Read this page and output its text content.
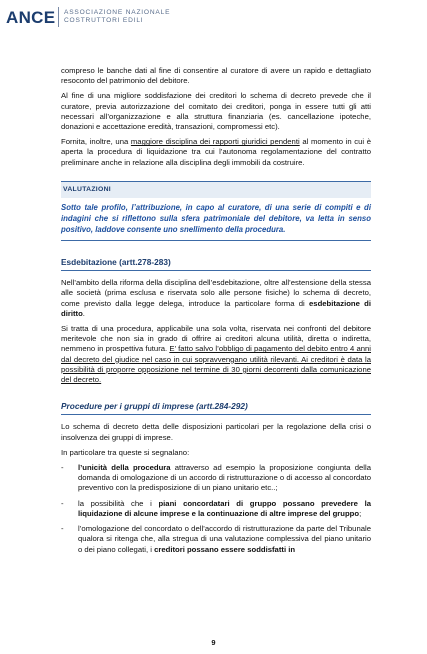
ANCE ASSOCIAZIONE NAZIONALE
COSTRUTTORI EDILI

compreso le banche dati al fine di consentire al curatore di avere un rapido e dettagliato resoconto del patrimonio del debitore.

Al fine di una migliore soddisfazione dei creditori lo schema di decreto prevede che il curatore, previa autorizzazione del comitato dei creditori, ponga in essere tutti gli atti necessari all’organizzazione e alla struttura finanziaria (es. cancellazione ipoteche, donazioni e accettazione eredità, transazioni, compromessi etc).

Fornita, inoltre, una maggiore disciplina dei rapporti giuridici pendenti al momento in cui è aperta la procedura di liquidazione tra cui l’autonoma regolamentazione del contratto preliminare anche in relazione alla disciplina degli immobili da costruire.

VALUTAZIONI
Sotto tale profilo, l’attribuzione, in capo al curatore, di una serie di compiti e di indagini che si riflettono sulla sfera patrimoniale del debitore, va letta in senso positivo, laddove consente uno snellimento della procedura.
Esdebitazione (artt.278-283)

Nell’ambito della riforma della disciplina dell’esdebitazione, oltre all’estensione della stessa alle società (prima esclusa e riservata solo alle persone fisiche) lo schema di decreto, come previsto dalla legge delega, introduce la particolare forma di esdebitazione di diritto.

Si tratta di una procedura, applicabile una sola volta, riservata nei confronti del debitore meritevole che non sia in grado di offrire ai creditori alcuna utilità, diretta o indiretta, nemmeno in prospettiva futura. E’ fatto salvo l’obbligo di pagamento del debito entro 4 anni dal decreto del giudice nel caso in cui sopravvengano utilità rilevanti. Ai creditori è data la possibilità di proporre opposizione nel termine di 30 giorni decorrenti dalla comunicazione del decreto.

Procedure per i gruppi di imprese (artt.284-292)

Lo schema di decreto detta delle disposizioni particolari per la regolazione della crisi o insolvenza dei gruppi di imprese.

In particolare tra queste si segnalano:

- l’unicità della procedura attraverso ad esempio la proposizione congiunta della domanda di omologazione di un accordo di ristrutturazione o di accesso al concordato preventivo con la predisposizione di un piano unitario etc..;
- la possibilità che i piani concordatari di gruppo possano prevedere la liquidazione di alcune imprese e la continuazione di altre imprese del gruppo;
- l’omologazione del concordato o dell’accordo di ristrutturazione da parte del Tribunale qualora si ritenga che, alla stregua di una valutazione complessiva del piano unitario o dei piano collegati, i creditori possano essere soddisfatti in
9
